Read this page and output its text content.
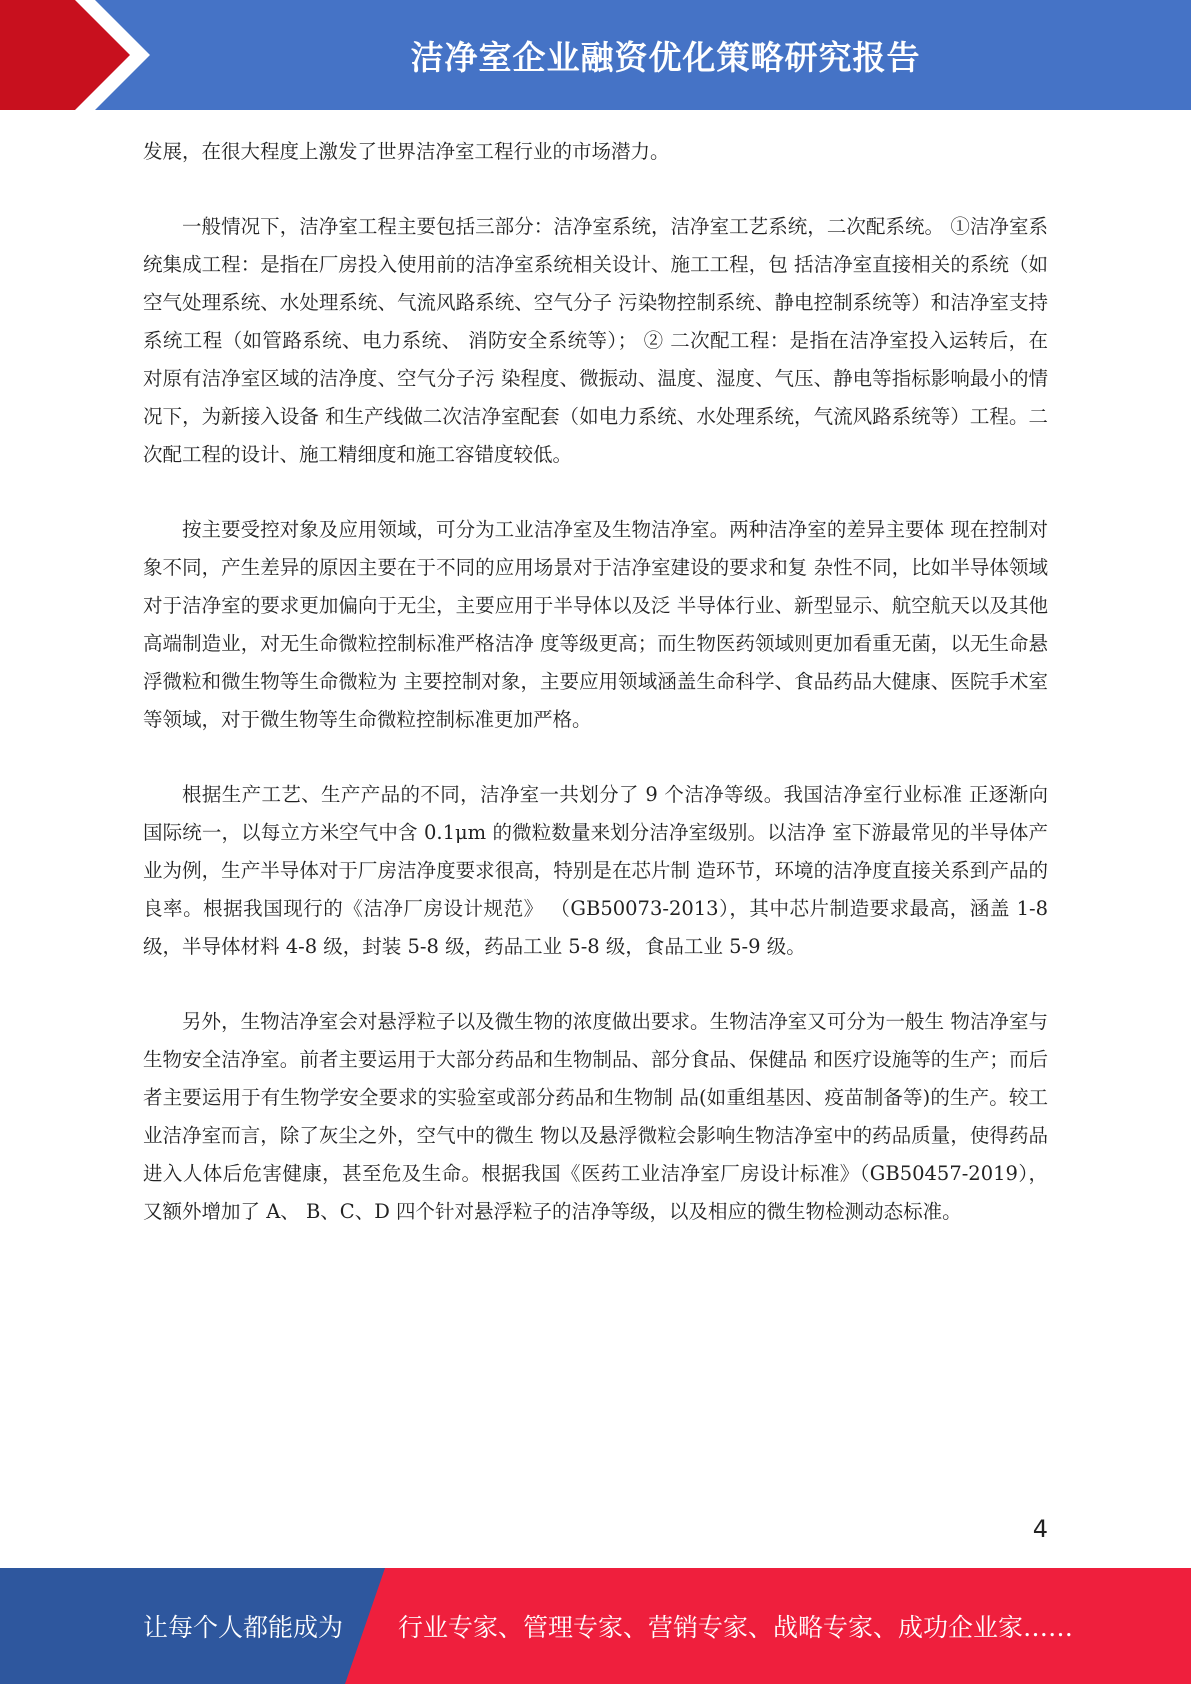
洁净室企业融资优化策略研究报告

发展，在很大程度上激发了世界洁净室工程行业的市场潜力。

一般情况下，洁净室工程主要包括三部分：洁净室系统，洁净室工艺系统，二次配系统。 ①洁净室系统集成工程：是指在厂房投入使用前的洁净室系统相关设计、施工工程，包 括洁净室直接相关的系统（如空气处理系统、水处理系统、气流风路系统、空气分子 污染物控制系统、静电控制系统等）和洁净室支持系统工程（如管路系统、电力系统、 消防安全系统等）； ② 二次配工程：是指在洁净室投入运转后，在对原有洁净室区域的洁净度、空气分子污 染程度、微振动、温度、湿度、气压、静电等指标影响最小的情况下，为新接入设备 和生产线做二次洁净室配套（如电力系统、水处理系统，气流风路系统等）工程。二 次配工程的设计、施工精细度和施工容错度较低。

按主要受控对象及应用领域，可分为工业洁净室及生物洁净室。两种洁净室的差异主要体 现在控制对象不同，产生差异的原因主要在于不同的应用场景对于洁净室建设的要求和复 杂性不同，比如半导体领域对于洁净室的要求更加偏向于无尘，主要应用于半导体以及泛 半导体行业、新型显示、航空航天以及其他高端制造业，对无生命微粒控制标准严格洁净 度等级更高；而生物医药领域则更加看重无菌，以无生命悬浮微粒和微生物等生命微粒为 主要控制对象，主要应用领域涵盖生命科学、食品药品大健康、医院手术室等领域，对于微生物等生命微粒控制标准更加严格。

根据生产工艺、生产产品的不同，洁净室一共划分了 9 个洁净等级。我国洁净室行业标准 正逐渐向国际统一，以每立方米空气中含 0.1μm 的微粒数量来划分洁净室级别。以洁净 室下游最常见的半导体产业为例，生产半导体对于厂房洁净度要求很高，特别是在芯片制 造环节，环境的洁净度直接关系到产品的良率。根据我国现行的《洁净厂房设计规范》 （GB50073-2013），其中芯片制造要求最高，涵盖 1-8 级，半导体材料 4-8 级，封装 5-8 级，药品工业 5-8 级，食品工业 5-9 级。

另外，生物洁净室会对悬浮粒子以及微生物的浓度做出要求。生物洁净室又可分为一般生 物洁净室与生物安全洁净室。前者主要运用于大部分药品和生物制品、部分食品、保健品 和医疗设施等的生产；而后者主要运用于有生物学安全要求的实验室或部分药品和生物制 品(如重组基因、疫苗制备等)的生产。较工业洁净室而言，除了灰尘之外，空气中的微生 物以及悬浮微粒会影响生物洁净室中的药品质量，使得药品进入人体后危害健康，甚至危及生命。根据我国《医药工业洁净室厂房设计标准》（GB50457-2019），又额外增加了 A、 B、C、D 四个针对悬浮粒子的洁净等级，以及相应的微生物检测动态标准。

4
让每个人都能成为 行业专家、管理专家、营销专家、战略专家、成功企业家……
